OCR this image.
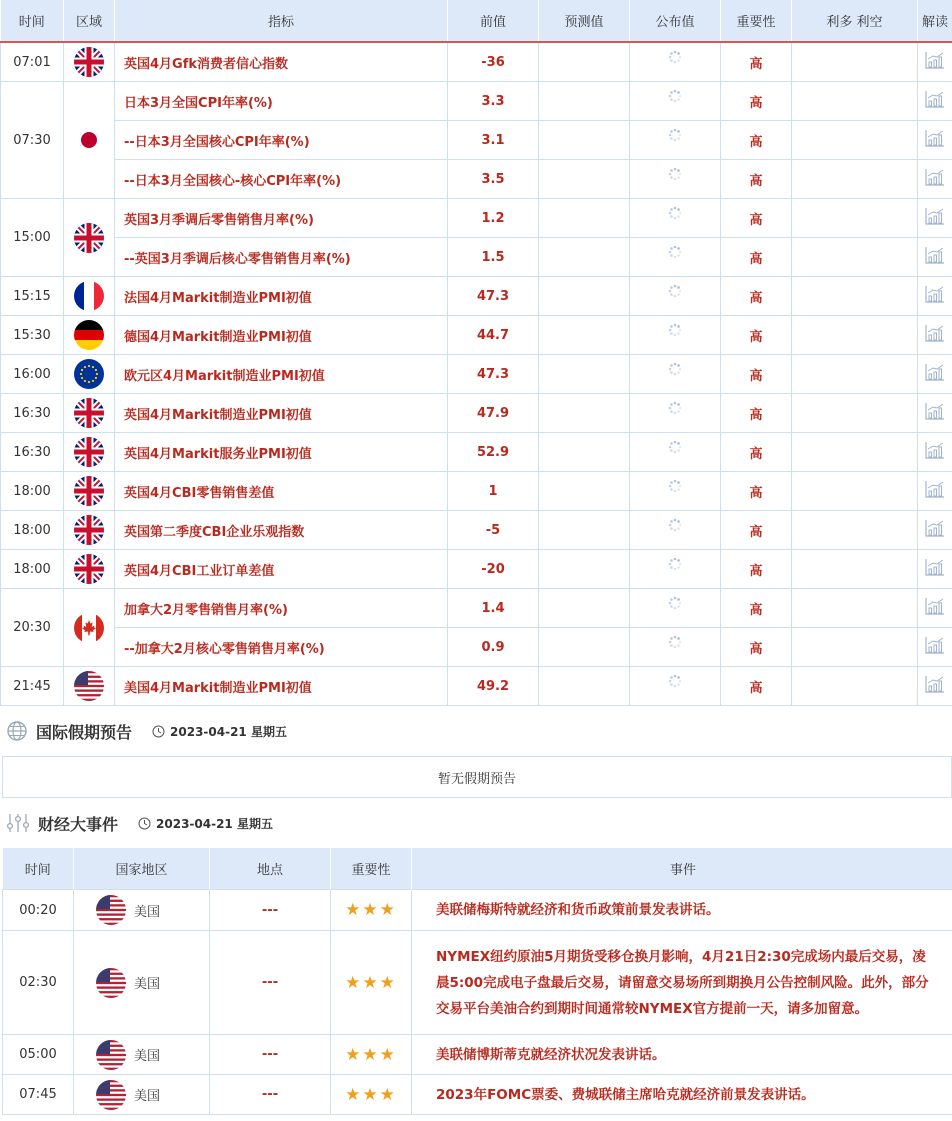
时间	区域	指标	前值	预测值	公布值	重要性	利多 利空	解读
07:01		英国4月Gfk消费者信心指数	-36			高		
07:30		日本3月全国CPI年率(%)	3.3			高		
		--日本3月全国核心CPI年率(%)	3.1			高		
		--日本3月全国核心-核心CPI年率(%)	3.5			高		
15:00		英国3月季调后零售销售月率(%)	1.2			高		
		--英国3月季调后核心零售销售月率(%)	1.5			高		
15:15		法国4月Markit制造业PMI初值	47.3			高		
15:30		德国4月Markit制造业PMI初值	44.7			高		
16:00		欧元区4月Markit制造业PMI初值	47.3			高		
16:30		英国4月Markit制造业PMI初值	47.9			高		
16:30		英国4月Markit服务业PMI初值	52.9			高		
18:00		英国4月CBI零售销售差值	1			高		
18:00		英国第二季度CBI企业乐观指数	-5			高		
18:00		英国4月CBI工业订单差值	-20			高		
20:30		加拿大2月零售销售月率(%)	1.4			高		
		--加拿大2月核心零售销售月率(%)	0.9			高		
21:45		美国4月Markit制造业PMI初值	49.2			高		
国际假期预告	2023-04-21 星期五
暂无假期预告
财经大事件	2023-04-21 星期五
时间	国家地区	地点	重要性	事件
00:20	美国	---	★★★	美联储梅斯特就经济和货币政策前景发表讲话。
02:30	美国	---	★★★	NYMEX纽约原油5月期货受移仓换月影响，4月21日2:30完成场内最后交易，凌晨5:00完成电子盘最后交易，请留意交易场所到期换月公告控制风险。此外，部分交易平台美油合约到期时间通常较NYMEX官方提前一天，请多加留意。
05:00	美国	---	★★★	美联储博斯蒂克就经济状况发表讲话。
07:45	美国	---	★★★	2023年FOMC票委、费城联储主席哈克就经济前景发表讲话。
